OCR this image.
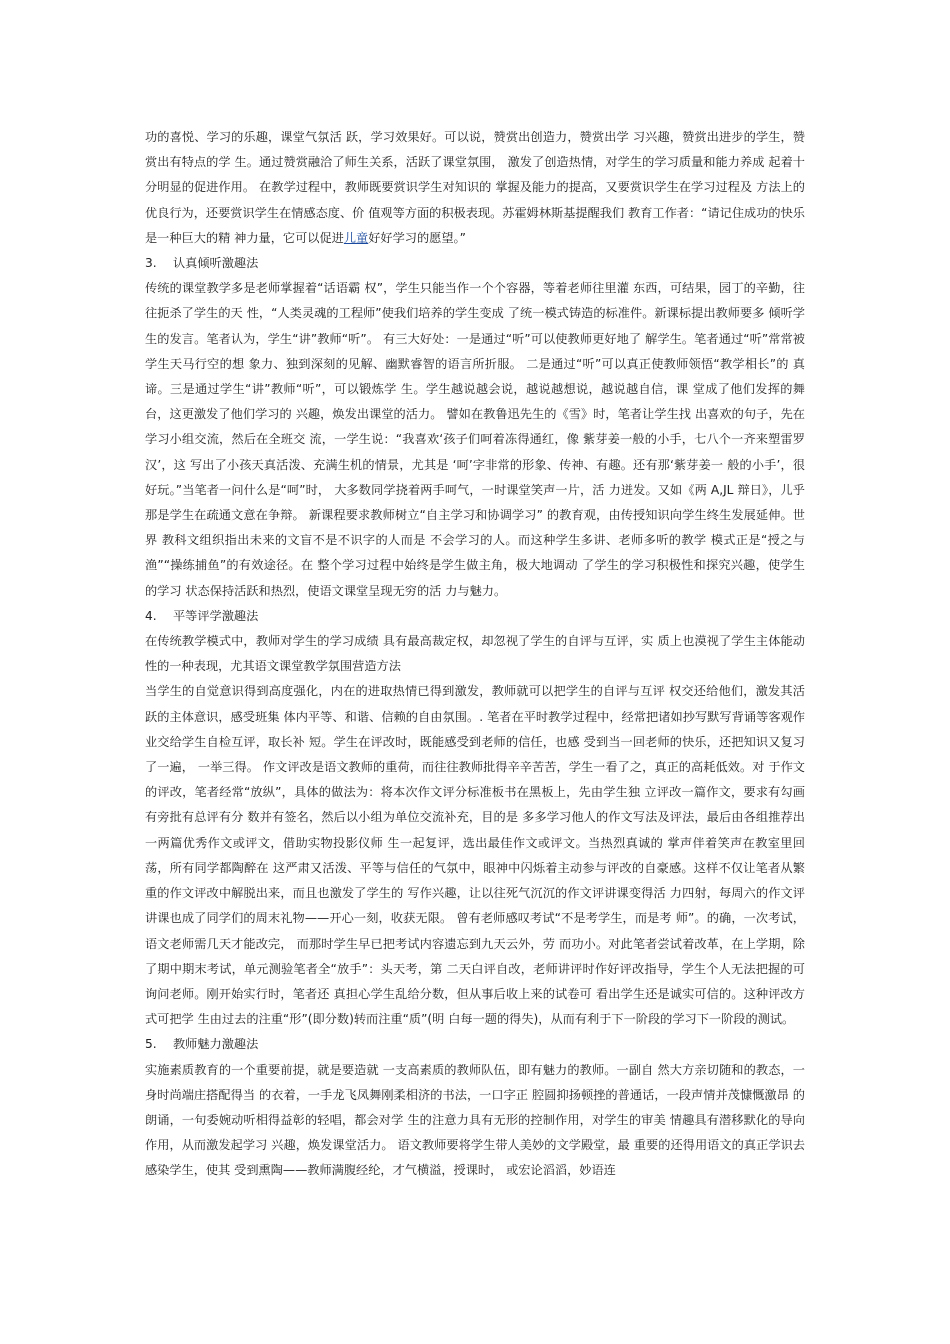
功的喜悦、学习的乐趣，课堂气氛活 跃，学习效果好。可以说，赞赏出创造力，赞赏出学 习兴趣，赞赏出进步的学生，赞赏出有特点的学 生。通过赞赏融洽了师生关系，活跃了课堂氛围， 激发了创造热情，对学生的学习质量和能力养成 起着十分明显的促进作用。 在教学过程中，教师既要赏识学生对知识的 掌握及能力的提高，又要赏识学生在学习过程及 方法上的优良行为，还要赏识学生在情感态度、价 值观等方面的积极表现。苏霍姆林斯基提醒我们 教育工作者：“请记住成功的快乐是一种巨大的精 神力量，它可以促进儿童好好学习的愿望。”
3. 认真倾听激趣法
传统的课堂教学多是老师掌握着“话语霸 权”，学生只能当作一个个容器，等着老师往里灌 东西，可结果，园丁的辛勤，往往扼杀了学生的天 性，“人类灵魂的工程师”使我们培养的学生变成 了统一模式铸造的标准件。新课标提出教师要多 倾听学生的发言。笔者认为，学生“讲”教师“听”。 有三大好处：一是通过“听”可以使教师更好地了 解学生。笔者通过“听”常常被学生天马行空的想 象力、独到深刻的见解、幽默睿智的语言所折服。 二是通过“听”可以真正使教师领悟“教学相长”的 真谛。三是通过学生“讲”教师“听”，可以锻炼学 生。学生越说越会说，越说越想说，越说越自信，课 堂成了他们发挥的舞台，这更激发了他们学习的 兴趣，焕发出课堂的活力。 譬如在教鲁迅先生的《雪》时，笔者让学生找 出喜欢的句子，先在学习小组交流，然后在全班交 流，一学生说：“我喜欢‘孩子们呵着冻得通红，像 紫芽姜一般的小手，七八个一齐来塑雷罗汉’，这 写出了小孩天真活泼、充满生机的情景，尤其是 ‘呵’字非常的形象、传神、有趣。还有那‘紫芽姜一 般的小手’，很好玩。”当笔者一问什么是“呵”时， 大多数同学挠着两手呵气，一时课堂笑声一片，活 力迸发。又如《两 A,JL 辩日》，儿乎那是学生在疏通文意在争辩。 新课程要求教师树立“自主学习和协调学习” 的教育观，由传授知识向学生终生发展延伸。世界 教科文组织指出未来的文盲不是不识字的人而是 不会学习的人。而这种学生多讲、老师多听的教学 模式正是“授之与渔”“操练捕鱼”的有效途径。在 整个学习过程中始终是学生做主角，极大地调动 了学生的学习积极性和探究兴趣，使学生的学习 状态保持活跃和热烈，使语文课堂呈现无穷的活 力与魅力。
4. 平等评学激趣法
在传统教学模式中，教师对学生的学习成绩 具有最高裁定权，却忽视了学生的自评与互评，实 质上也漠视了学生主体能动性的一种表现，尤其语文课堂教学氛围营造方法
当学生的自觉意识得到高度强化，内在的进取热情已得到激发，教师就可以把学生的自评与互评 权交还给他们，激发其活跃的主体意识，感受班集 体内平等、和谐、信赖的自由氛围。. 笔者在平时教学过程中，经常把诸如抄写默写背诵等客观作业交给学生自检互评，取长补 短。学生在评改时，既能感受到老师的信任，也感 受到当一回老师的快乐，还把知识又复习了一遍， 一举三得。 作文评改是语文教师的重荷，而往往教师批得辛辛苦苦，学生一看了之，真正的高耗低效。对 于作文的评改，笔者经常“放纵”，具体的做法为：将本次作文评分标准板书在黑板上，先由学生独 立评改一篇作文，要求有勾画有旁批有总评有分 数并有签名，然后以小组为单位交流补充，目的是 多多学习他人的作文写法及评法，最后由各组推荐出一两篇优秀作文或评文，借助实物投影仪师 生一起复评，选出最佳作文或评文。当热烈真诚的 掌声伴着笑声在教室里回荡，所有同学都陶醉在 这严肃又活泼、平等与信任的气氛中，眼神中闪烁着主动参与评改的自豪感。这样不仅让笔者从繁 重的作文评改中解脱出来，而且也激发了学生的 写作兴趣，让以往死气沉沉的作文评讲课变得活 力四射，每周六的作文评讲课也成了同学们的周末礼物——开心一刻，收获无限。 曾有老师感叹考试“不是考学生，而是考 师”。的确，一次考试，语文老师需几天才能改完， 而那时学生早已把考试内容遗忘到九天云外，劳 而功小。对此笔者尝试着改革，在上学期，除了期中期末考试，单元测验笔者全“放手”：头天考，第 二天白评自改，老师讲评时作好评改指导，学生个人无法把握的可询问老师。刚开始实行时，笔者还 真担心学生乱给分数，但从事后收上来的试卷可 看出学生还是诚实可信的。这种评改方式可把学 生由过去的注重“形”(即分数)转而注重“质”(明 白每一题的得失)，从而有利于下一阶段的学习下一阶段的测试。
5. 教师魅力激趣法
实施素质教育的一个重要前提，就是要造就 一支高素质的教师队伍，即有魅力的教师。一副自 然大方亲切随和的教态，一身时尚端庄搭配得当 的衣着，一手龙飞凤舞刚柔相济的书法，一口字正 腔圆抑扬顿挫的普通话，一段声情并茂慷慨激昂 的朗诵，一句委婉动听相得益彰的轻唱，都会对学 生的注意力具有无形的控制作用，对学生的审美 情趣具有潜移默化的导向作用，从而激发起学习 兴趣，焕发课堂活力。 语文教师要将学生带人美妙的文学殿堂，最 重要的还得用语文的真正学识去感染学生，使其 受到熏陶——教师满腹经纶，才气横溢，授课时， 或宏论滔滔，妙语连
